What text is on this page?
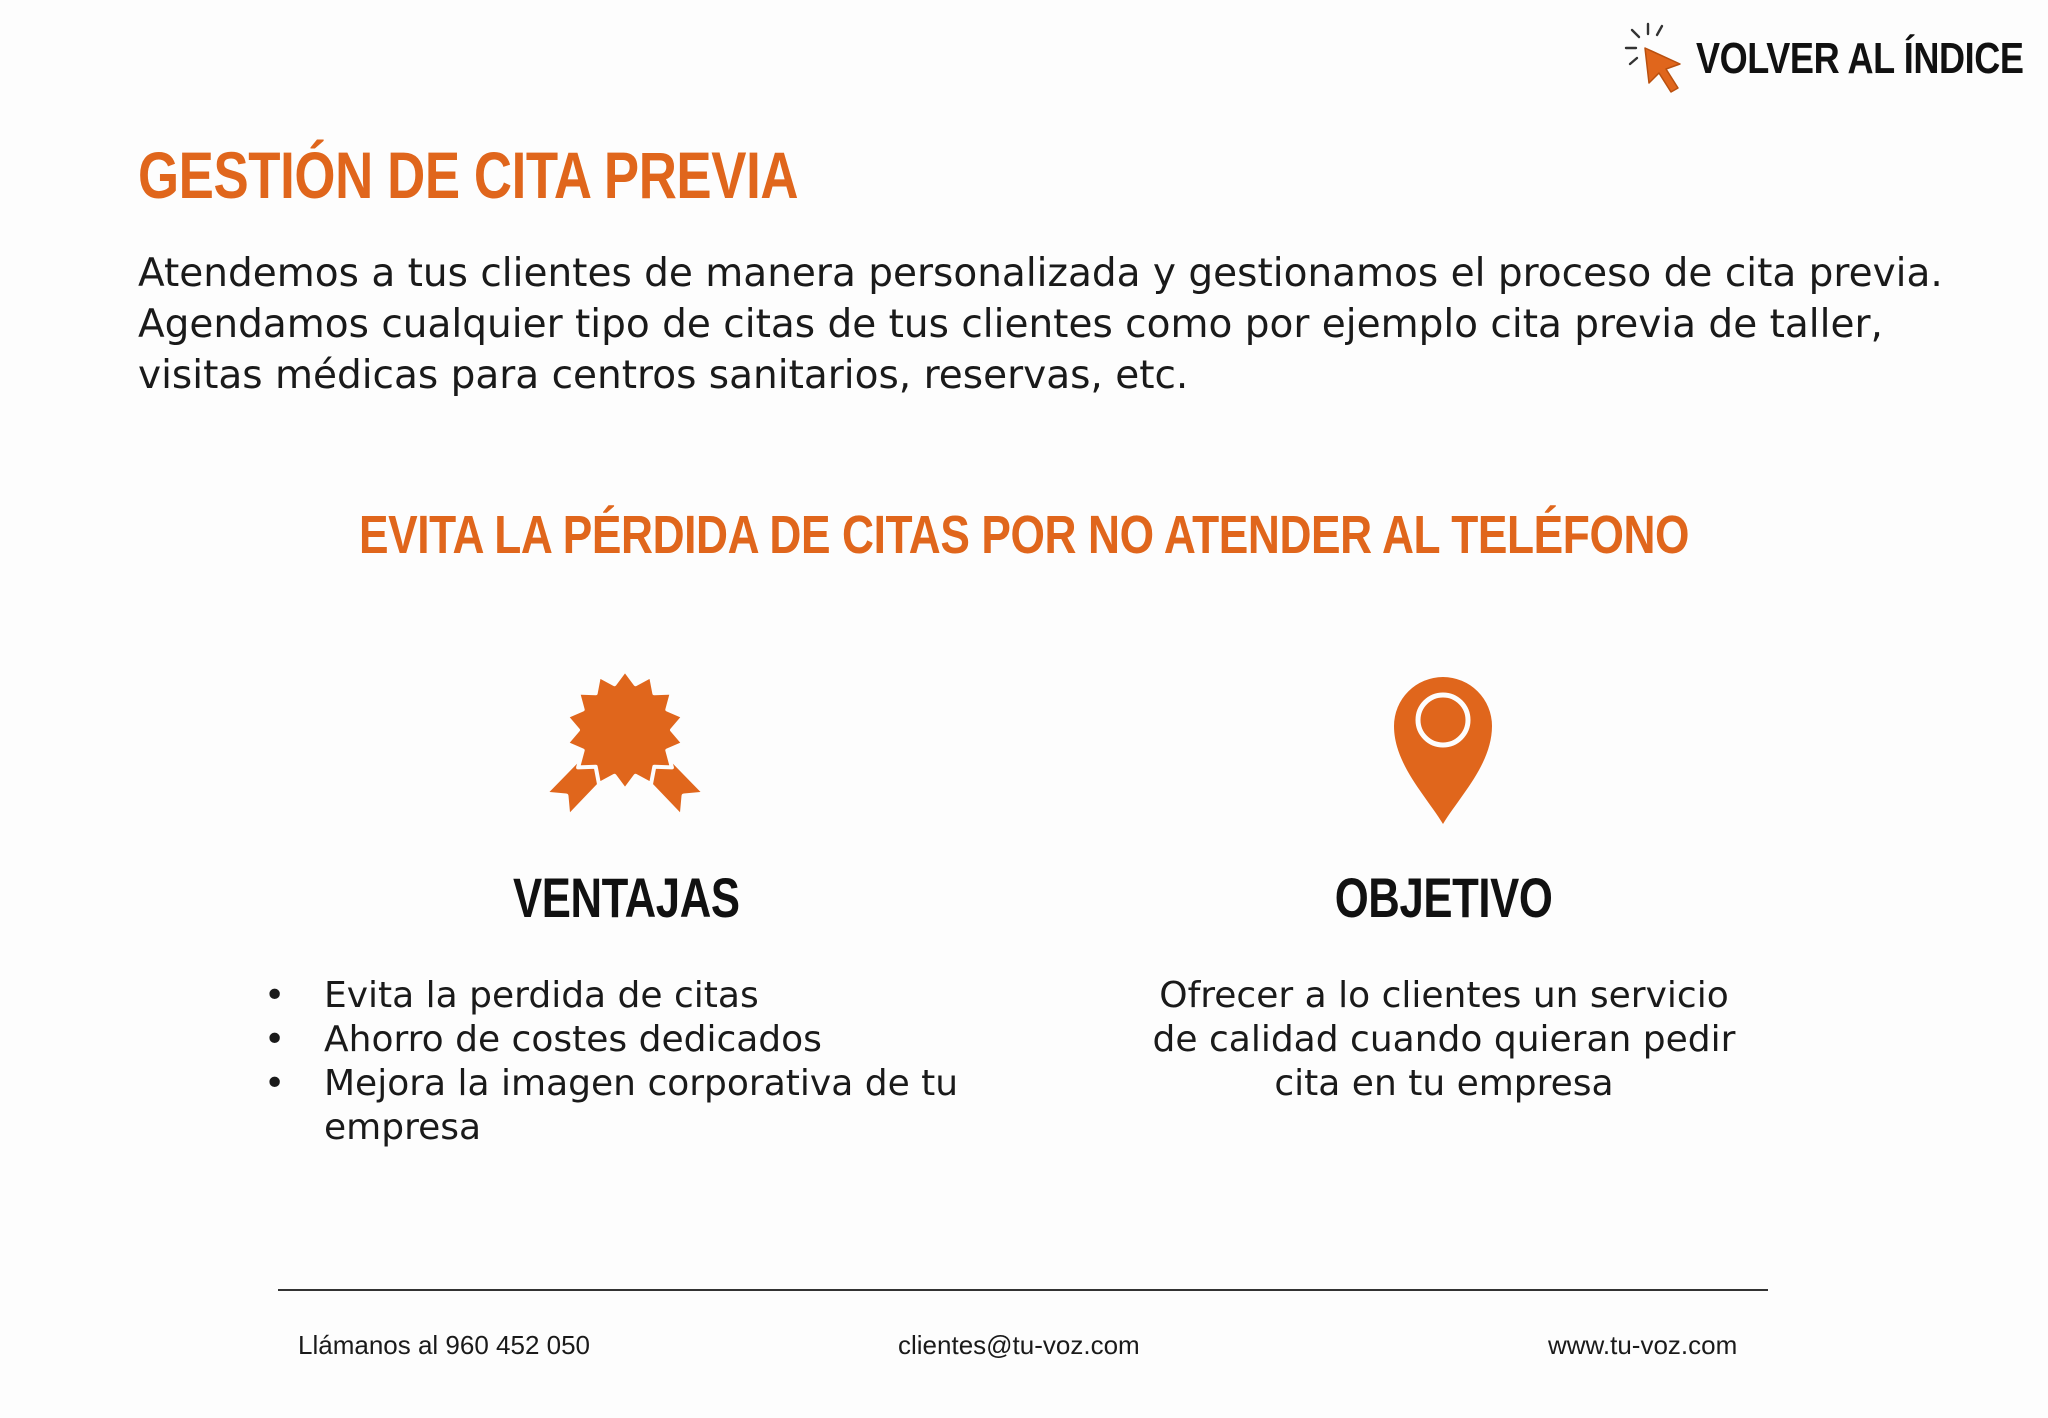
VOLVER AL ÍNDICE
GESTIÓN DE CITA PREVIA

Atendemos a tus clientes de manera personalizada y gestionamos el proceso de cita previa. Agendamos cualquier tipo de citas de tus clientes como por ejemplo cita previa de taller, visitas médicas para centros sanitarios, reservas, etc.

EVITA LA PÉRDIDA DE CITAS POR NO ATENDER AL TELÉFONO
VENTAJAS	OBJETIVO
• Evita la perdida de citas
• Ahorro de costes dedicados
• Mejora la imagen corporativa de tu empresa

Ofrecer a lo clientes un servicio de calidad cuando quieran pedir cita en tu empresa

Llámanos al 960 452 050	clientes@tu-voz.com	www.tu-voz.com
